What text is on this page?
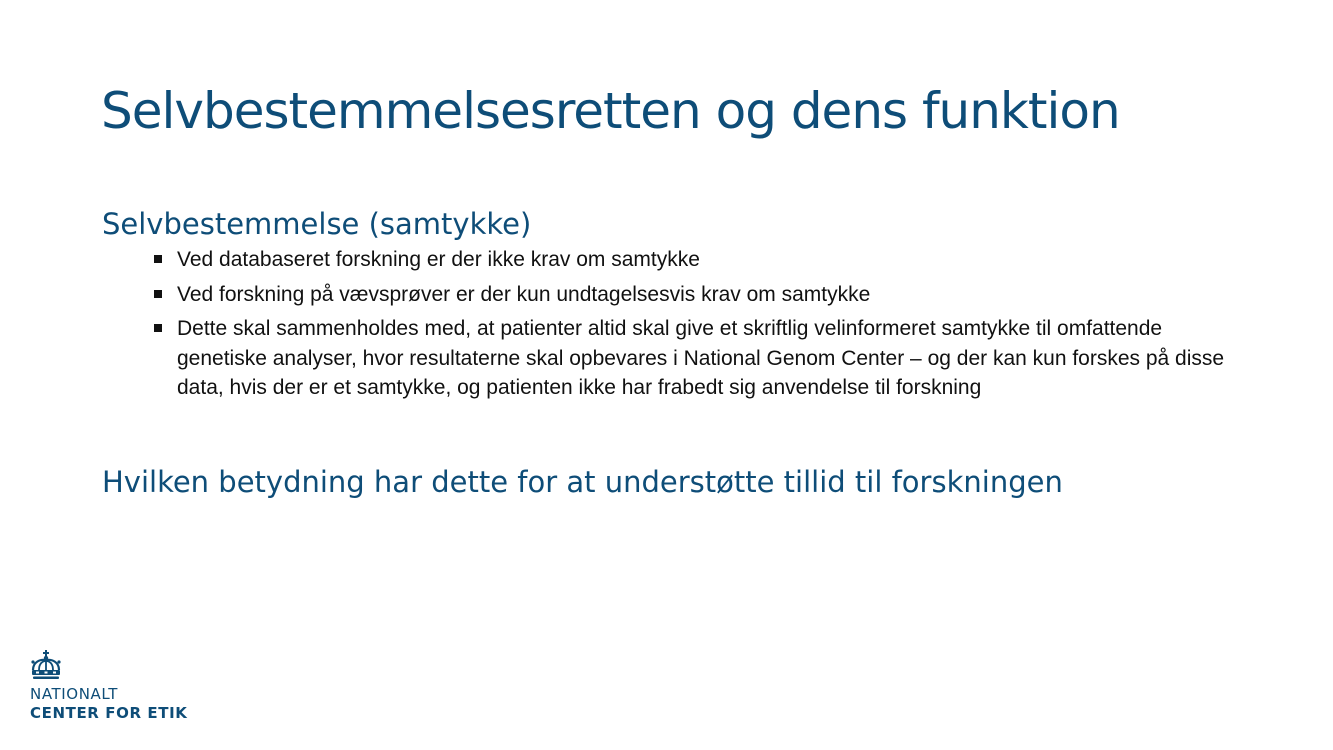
Selvbestemmelsesretten og dens funktion
Selvbestemmelse (samtykke)
Ved databaseret forskning er der ikke krav om samtykke
Ved forskning på vævsprøver er der kun undtagelsesvis krav om samtykke
Dette skal sammenholdes med, at patienter altid skal give et skriftlig velinformeret samtykke til omfattende genetiske analyser, hvor resultaterne skal opbevares i National Genom Center – og der kan kun forskes på disse data, hvis der er et samtykke, og patienten ikke har frabedt sig anvendelse til forskning
Hvilken betydning har dette for at understøtte tillid til forskningen
NATIONALT
CENTER FOR ETIK
